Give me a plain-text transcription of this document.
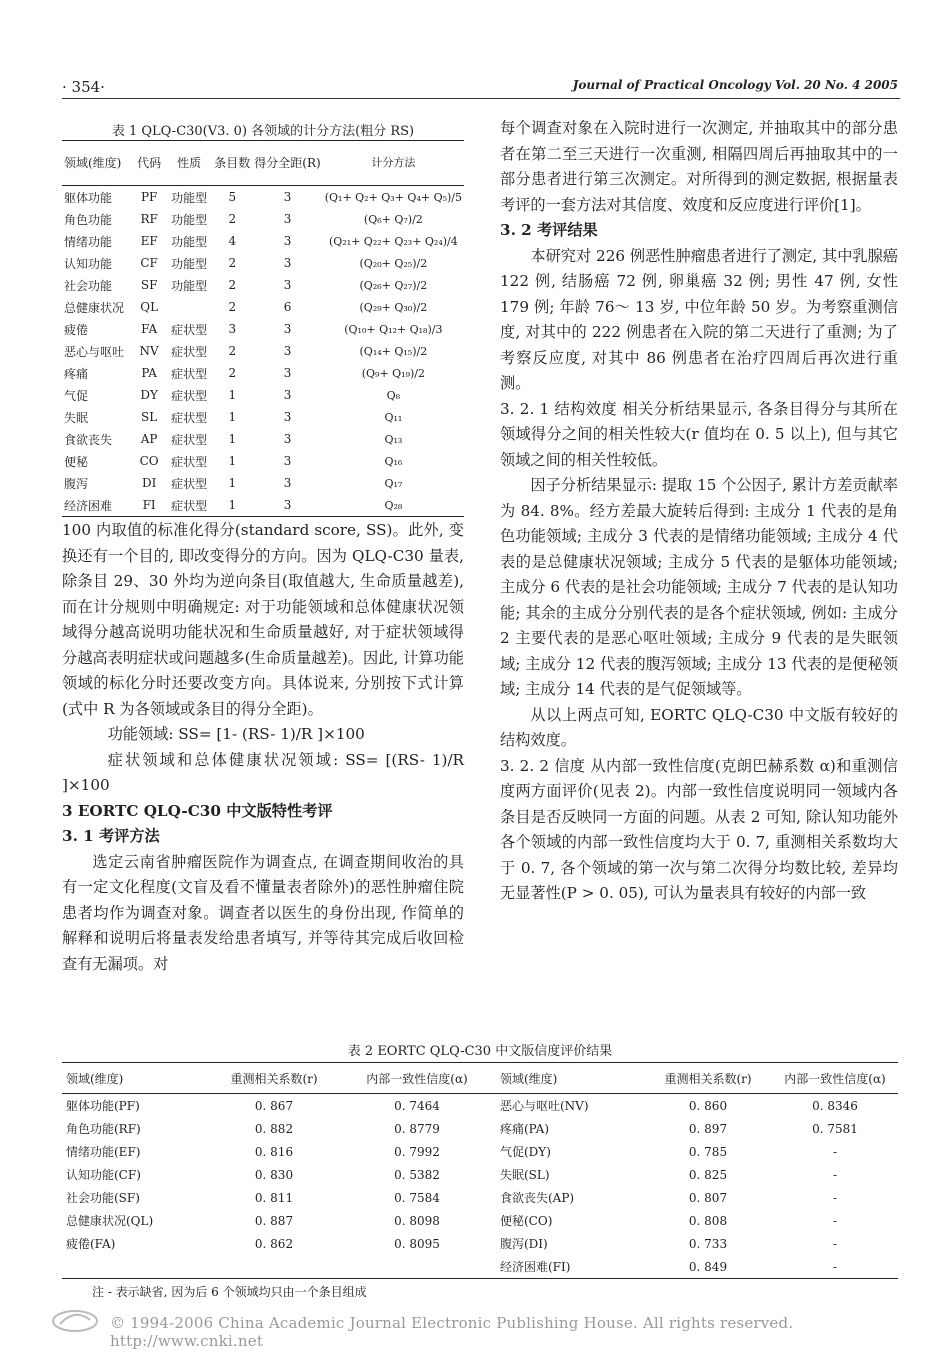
· 354·	Journal of Practical Oncology Vol. 20 No. 4 2005
表 1 QLQ-C30(V3. 0) 各领域的计分方法(粗分 RS)
领域(维度)	代码	性质	条目数	得分全距(R)	计分方法
躯体功能	PF	功能型	5	3	(Q₁+ Q₂+ Q₃+ Q₄+ Q₅)/5
角色功能	RF	功能型	2	3	(Q₆+ Q₇)/2
情绪功能	EF	功能型	4	3	(Q₂₁+ Q₂₂+ Q₂₃+ Q₂₄)/4
认知功能	CF	功能型	2	3	(Q₂₀+ Q₂₅)/2
社会功能	SF	功能型	2	3	(Q₂₆+ Q₂₇)/2
总健康状况	QL		2	6	(Q₂₉+ Q₃₀)/2
疲倦	FA	症状型	3	3	(Q₁₀+ Q₁₂+ Q₁₈)/3
恶心与呕吐	NV	症状型	2	3	(Q₁₄+ Q₁₅)/2
疼痛	PA	症状型	2	3	(Q₉+ Q₁₉)/2
气促	DY	症状型	1	3	Q₈
失眠	SL	症状型	1	3	Q₁₁
食欲丧失	AP	症状型	1	3	Q₁₃
便秘	CO	症状型	1	3	Q₁₆
腹泻	DI	症状型	1	3	Q₁₇
经济困难	FI	症状型	1	3	Q₂₈

100 内取值的标准化得分(standard score, SS)。此外, 变换还有一个目的, 即改变得分的方向。因为 QLQ-C30 量表, 除条目 29、30 外均为逆向条目(取值越大, 生命质量越差), 而在计分规则中明确规定: 对于功能领域和总体健康状况领域得分越高说明功能状况和生命质量越好, 对于症状领域得分越高表明症状或问题越多(生命质量越差)。因此, 计算功能领域的标化分时还要改变方向。具体说来, 分别按下式计算(式中 R 为各领域或条目的得分全距)。

功能领域: SS= [1- (RS- 1)/R ]×100

症状领域和总体健康状况领域: SS= [(RS- 1)/R ]×100

3 EORTC QLQ-C30 中文版特性考评

3. 1 考评方法

选定云南省肿瘤医院作为调查点, 在调查期间收治的具有一定文化程度(文盲及看不懂量表者除外)的恶性肿瘤住院患者均作为调查对象。调查者以医生的身份出现, 作简单的解释和说明后将量表发给患者填写, 并等待其完成后收回检查有无漏项。对

每个调查对象在入院时进行一次测定, 并抽取其中的部分患者在第二至三天进行一次重测, 相隔四周后再抽取其中的一部分患者进行第三次测定。对所得到的测定数据, 根据量表考评的一套方法对其信度、效度和反应度进行评价[1]。

3. 2 考评结果

本研究对 226 例恶性肿瘤患者进行了测定, 其中乳腺癌 122 例, 结肠癌 72 例, 卵巢癌 32 例; 男性 47 例, 女性 179 例; 年龄 76～ 13 岁, 中位年龄 50 岁。为考察重测信度, 对其中的 222 例患者在入院的第二天进行了重测; 为了考察反应度, 对其中 86 例患者在治疗四周后再次进行重测。

3. 2. 1 结构效度 相关分析结果显示, 各条目得分与其所在领域得分之间的相关性较大(r 值均在 0. 5 以上), 但与其它领域之间的相关性较低。

因子分析结果显示: 提取 15 个公因子, 累计方差贡献率为 84. 8%。经方差最大旋转后得到: 主成分 1 代表的是角色功能领域; 主成分 3 代表的是情绪功能领域; 主成分 4 代表的是总健康状况领域; 主成分 5 代表的是躯体功能领域; 主成分 6 代表的是社会功能领域; 主成分 7 代表的是认知功能; 其余的主成分分别代表的是各个症状领域, 例如: 主成分 2 主要代表的是恶心呕吐领域; 主成分 9 代表的是失眠领域; 主成分 12 代表的腹泻领域; 主成分 13 代表的是便秘领域; 主成分 14 代表的是气促领域等。

从以上两点可知, EORTC QLQ-C30 中文版有较好的结构效度。

3. 2. 2 信度 从内部一致性信度(克朗巴赫系数 α)和重测信度两方面评价(见表 2)。内部一致性信度说明同一领域内各条目是否反映同一方面的问题。从表 2 可知, 除认知功能外各个领域的内部一致性信度均大于 0. 7, 重测相关系数均大于 0. 7, 各个领域的第一次与第二次得分均数比较, 差异均无显著性(P > 0. 05), 可认为量表具有较好的内部一致

表 2 EORTC QLQ-C30 中文版信度评价结果
领域(维度)	重测相关系数(r)	内部一致性信度(α)	领域(维度)	重测相关系数(r)	内部一致性信度(α)
躯体功能(PF)	0. 867	0. 7464	恶心与呕吐(NV)	0. 860	0. 8346
角色功能(RF)	0. 882	0. 8779	疼痛(PA)	0. 897	0. 7581
情绪功能(EF)	0. 816	0. 7992	气促(DY)	0. 785	-
认知功能(CF)	0. 830	0. 5382	失眠(SL)	0. 825	-
社会功能(SF)	0. 811	0. 7584	食欲丧失(AP)	0. 807	-
总健康状况(QL)	0. 887	0. 8098	便秘(CO)	0. 808	-
疲倦(FA)	0. 862	0. 8095	腹泻(DI)	0. 733	-
			经济困难(FI)	0. 849	-
注 - 表示缺省, 因为后 6 个领域均只由一个条目组成
© 1994-2006 China Academic Journal Electronic Publishing House. All rights reserved. http://www.cnki.net
